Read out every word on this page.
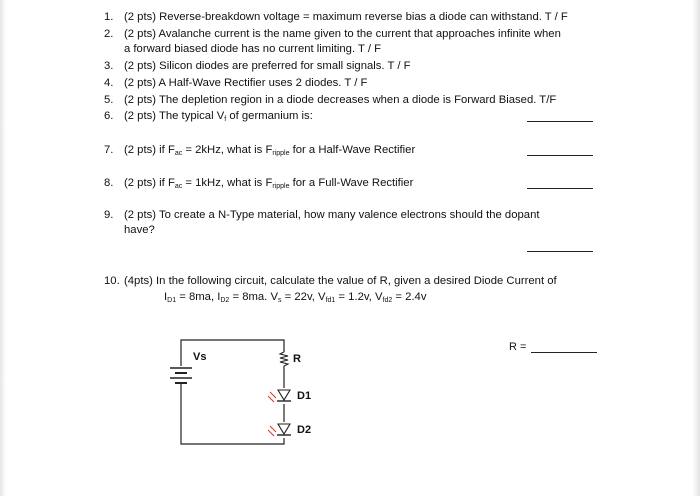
1. (2 pts) Reverse-breakdown voltage = maximum reverse bias a diode can withstand. T / F
2. (2 pts) Avalanche current is the name given to the current that approaches infinite when
a forward biased diode has no current limiting. T / F
3. (2 pts) Silicon diodes are preferred for small signals. T / F
4. (2 pts) A Half-Wave Rectifier uses 2 diodes. T / F
5. (2 pts) The depletion region in a diode decreases when a diode is Forward Biased. T/F
6. (2 pts) The typical $V_f$ of germanium is:
7. (2 pts) if $F_{ac} = 2kHz$, what is $F_{ripple}$ for a Half-Wave Rectifier
8. (2 pts) if $F_{ac} = 1kHz$, what is $F_{ripple}$ for a Full-Wave Rectifier
9. (2 pts) To create a N-Type material, how many valence electrons should the dopant
have?
10. (4pts) In the following circuit, calculate the value of R, given a desired Diode Current of
$I_{D1} = 8ma$, $I_{D2} = 8ma$. $V_s = 22v$, $V_{fd1} = 1.2v$, $V_{fd2} = 2.4v$
R =
Vs	R
D1
D2
